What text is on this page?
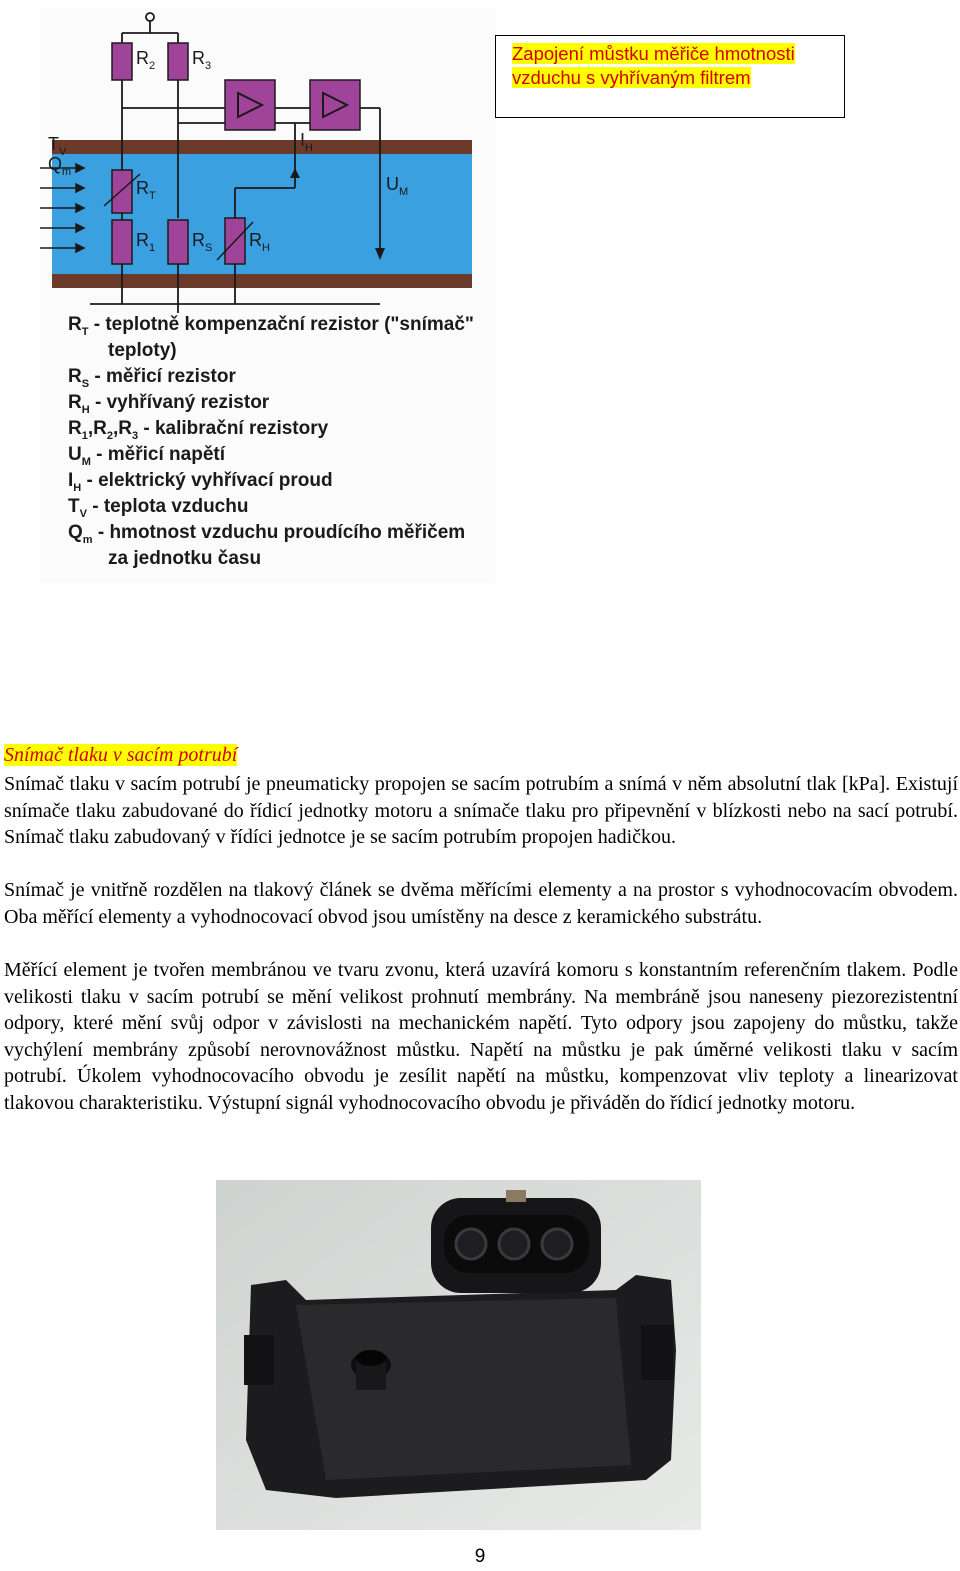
$R_2$ $R_3$
$R_T$
$R_1$ $R_S$ $R_H$
$I_H$
$U_M$
$T_V$
$Q_m$
$R_T$ - teplotně kompenzační rezistor ("snímač"
teploty)
$R_S$ - měřicí rezistor
$R_H$ - vyhřívaný rezistor
$R_1,R_2,R_3$ - kalibrační rezistory
$U_M$ - měřicí napětí
$I_H$ - elektrický vyhřívací proud
$T_V$ - teplota vzduchu
$Q_m$ - hmotnost vzduchu proudícího měřičem
za jednotku času
Zapojení můstku měřiče hmotnosti vzduchu s vyhřívaným filtrem
Snímač tlaku v sacím potrubí

Snímač tlaku v sacím potrubí je pneumaticky propojen se sacím potrubím a snímá v něm absolutní tlak [kPa]. Existují snímače tlaku zabudované do řídicí jednotky motoru a snímače tlaku pro připevnění v blízkosti nebo na sací potrubí. Snímač tlaku zabudovaný v řídíci jednotce je se sacím potrubím propojen hadičkou.

Snímač je vnitřně rozdělen na tlakový článek se dvěma měřícími elementy a na prostor s vyhodnocovacím obvodem. Oba měřící elementy a vyhodnocovací obvod jsou umístěny na desce z keramického substrátu.

Měřící element je tvořen membránou ve tvaru zvonu, která uzavírá komoru s konstantním referenčním tlakem. Podle velikosti tlaku v sacím potrubí se mění velikost prohnutí membrány. Na membráně jsou naneseny piezorezistentní odpory, které mění svůj odpor v závislosti na mechanickém napětí. Tyto odpory jsou zapojeny do můstku, takže vychýlení membrány způsobí nerovnovážnost můstku. Napětí na můstku je pak úměrné velikosti tlaku v sacím potrubí. Úkolem vyhodnocovacího obvodu je zesílit napětí na můstku, kompenzovat vliv teploty a linearizovat tlakovou charakteristiku. Výstupní signál vyhodnocovacího obvodu je přiváděn do řídicí jednotky motoru.

9
